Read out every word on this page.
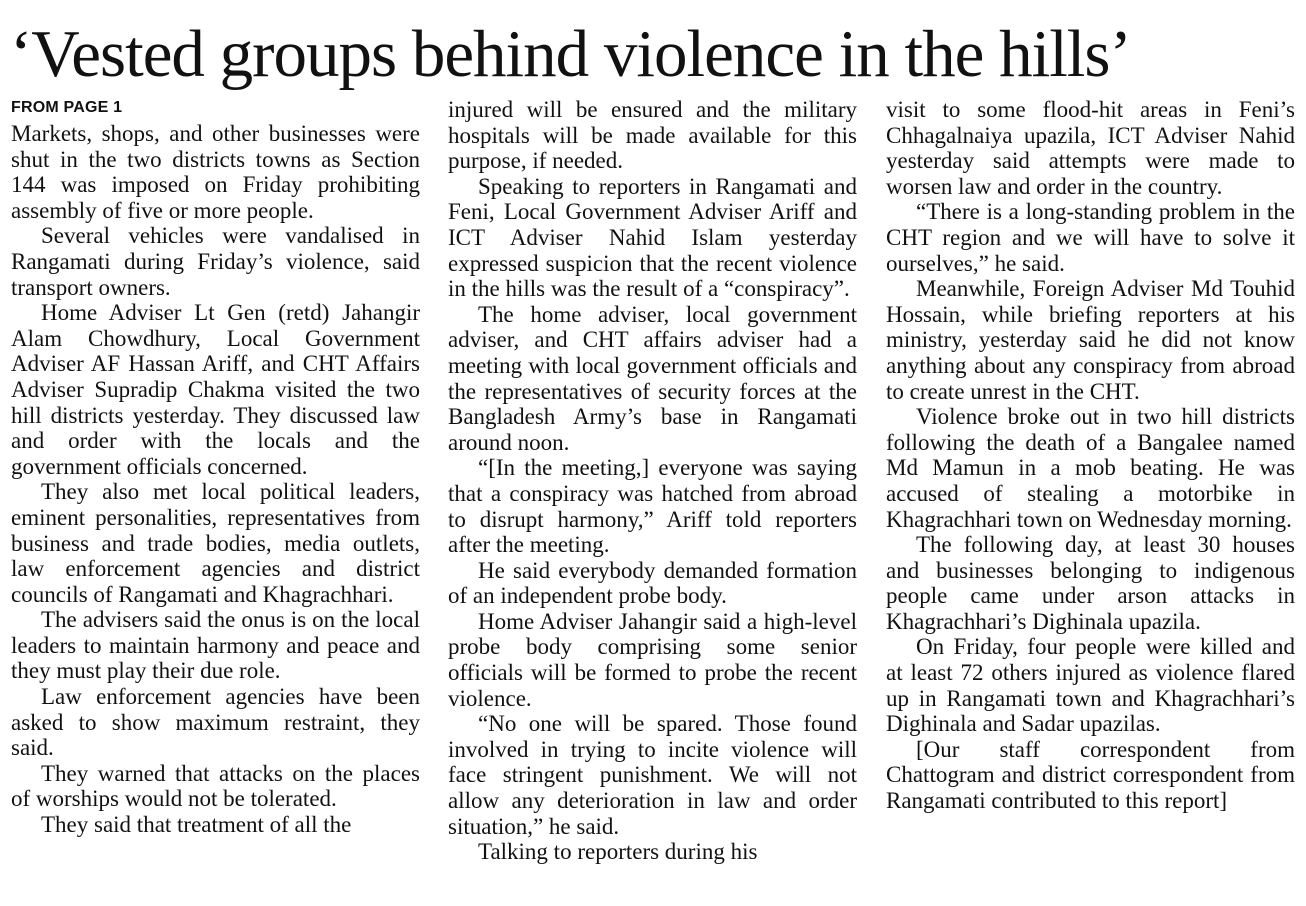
‘Vested groups behind violence in the hills’
FROM PAGE 1

Markets, shops, and other businesses were shut in the two districts towns as Section 144 was imposed on Friday prohibiting assembly of five or more people.

Several vehicles were vandalised in Rangamati during Friday’s violence, said transport owners.

Home Adviser Lt Gen (retd) Jahangir Alam Chowdhury, Local Government Adviser AF Hassan Ariff, and CHT Affairs Adviser Supradip Chakma visited the two hill districts yesterday. They discussed law and order with the locals and the government officials concerned.

They also met local political leaders, eminent personalities, representatives from business and trade bodies, media outlets, law enforcement agencies and district councils of Rangamati and Khagrachhari.

The advisers said the onus is on the local leaders to maintain harmony and peace and they must play their due role.

Law enforcement agencies have been asked to show maximum restraint, they said.

They warned that attacks on the places of worships would not be tolerated.

They said that treatment of all the

injured will be ensured and the military hospitals will be made available for this purpose, if needed.

Speaking to reporters in Rangamati and Feni, Local Government Adviser Ariff and ICT Adviser Nahid Islam yesterday expressed suspicion that the recent violence in the hills was the result of a “conspiracy”.

The home adviser, local government adviser, and CHT affairs adviser had a meeting with local government officials and the representatives of security forces at the Bangladesh Army’s base in Rangamati around noon.

“[In the meeting,] everyone was saying that a conspiracy was hatched from abroad to disrupt harmony,” Ariff told reporters after the meeting.

He said everybody demanded formation of an independent probe body.

Home Adviser Jahangir said a high-level probe body comprising some senior officials will be formed to probe the recent violence.

“No one will be spared. Those found involved in trying to incite violence will face stringent punishment. We will not allow any deterioration in law and order situation,” he said.

Talking to reporters during his

visit to some flood-hit areas in Feni’s Chhagalnaiya upazila, ICT Adviser Nahid yesterday said attempts were made to worsen law and order in the country.

“There is a long-standing problem in the CHT region and we will have to solve it ourselves,” he said.

Meanwhile, Foreign Adviser Md Touhid Hossain, while briefing reporters at his ministry, yesterday said he did not know anything about any conspiracy from abroad to create unrest in the CHT.

Violence broke out in two hill districts following the death of a Bangalee named Md Mamun in a mob beating. He was accused of stealing a motorbike in Khagrachhari town on Wednesday morning.

The following day, at least 30 houses and businesses belonging to indigenous people came under arson attacks in Khagrachhari’s Dighinala upazila.

On Friday, four people were killed and at least 72 others injured as violence flared up in Rangamati town and Khagrachhari’s Dighinala and Sadar upazilas.

[Our staff correspondent from Chattogram and district correspondent from Rangamati contributed to this report]
